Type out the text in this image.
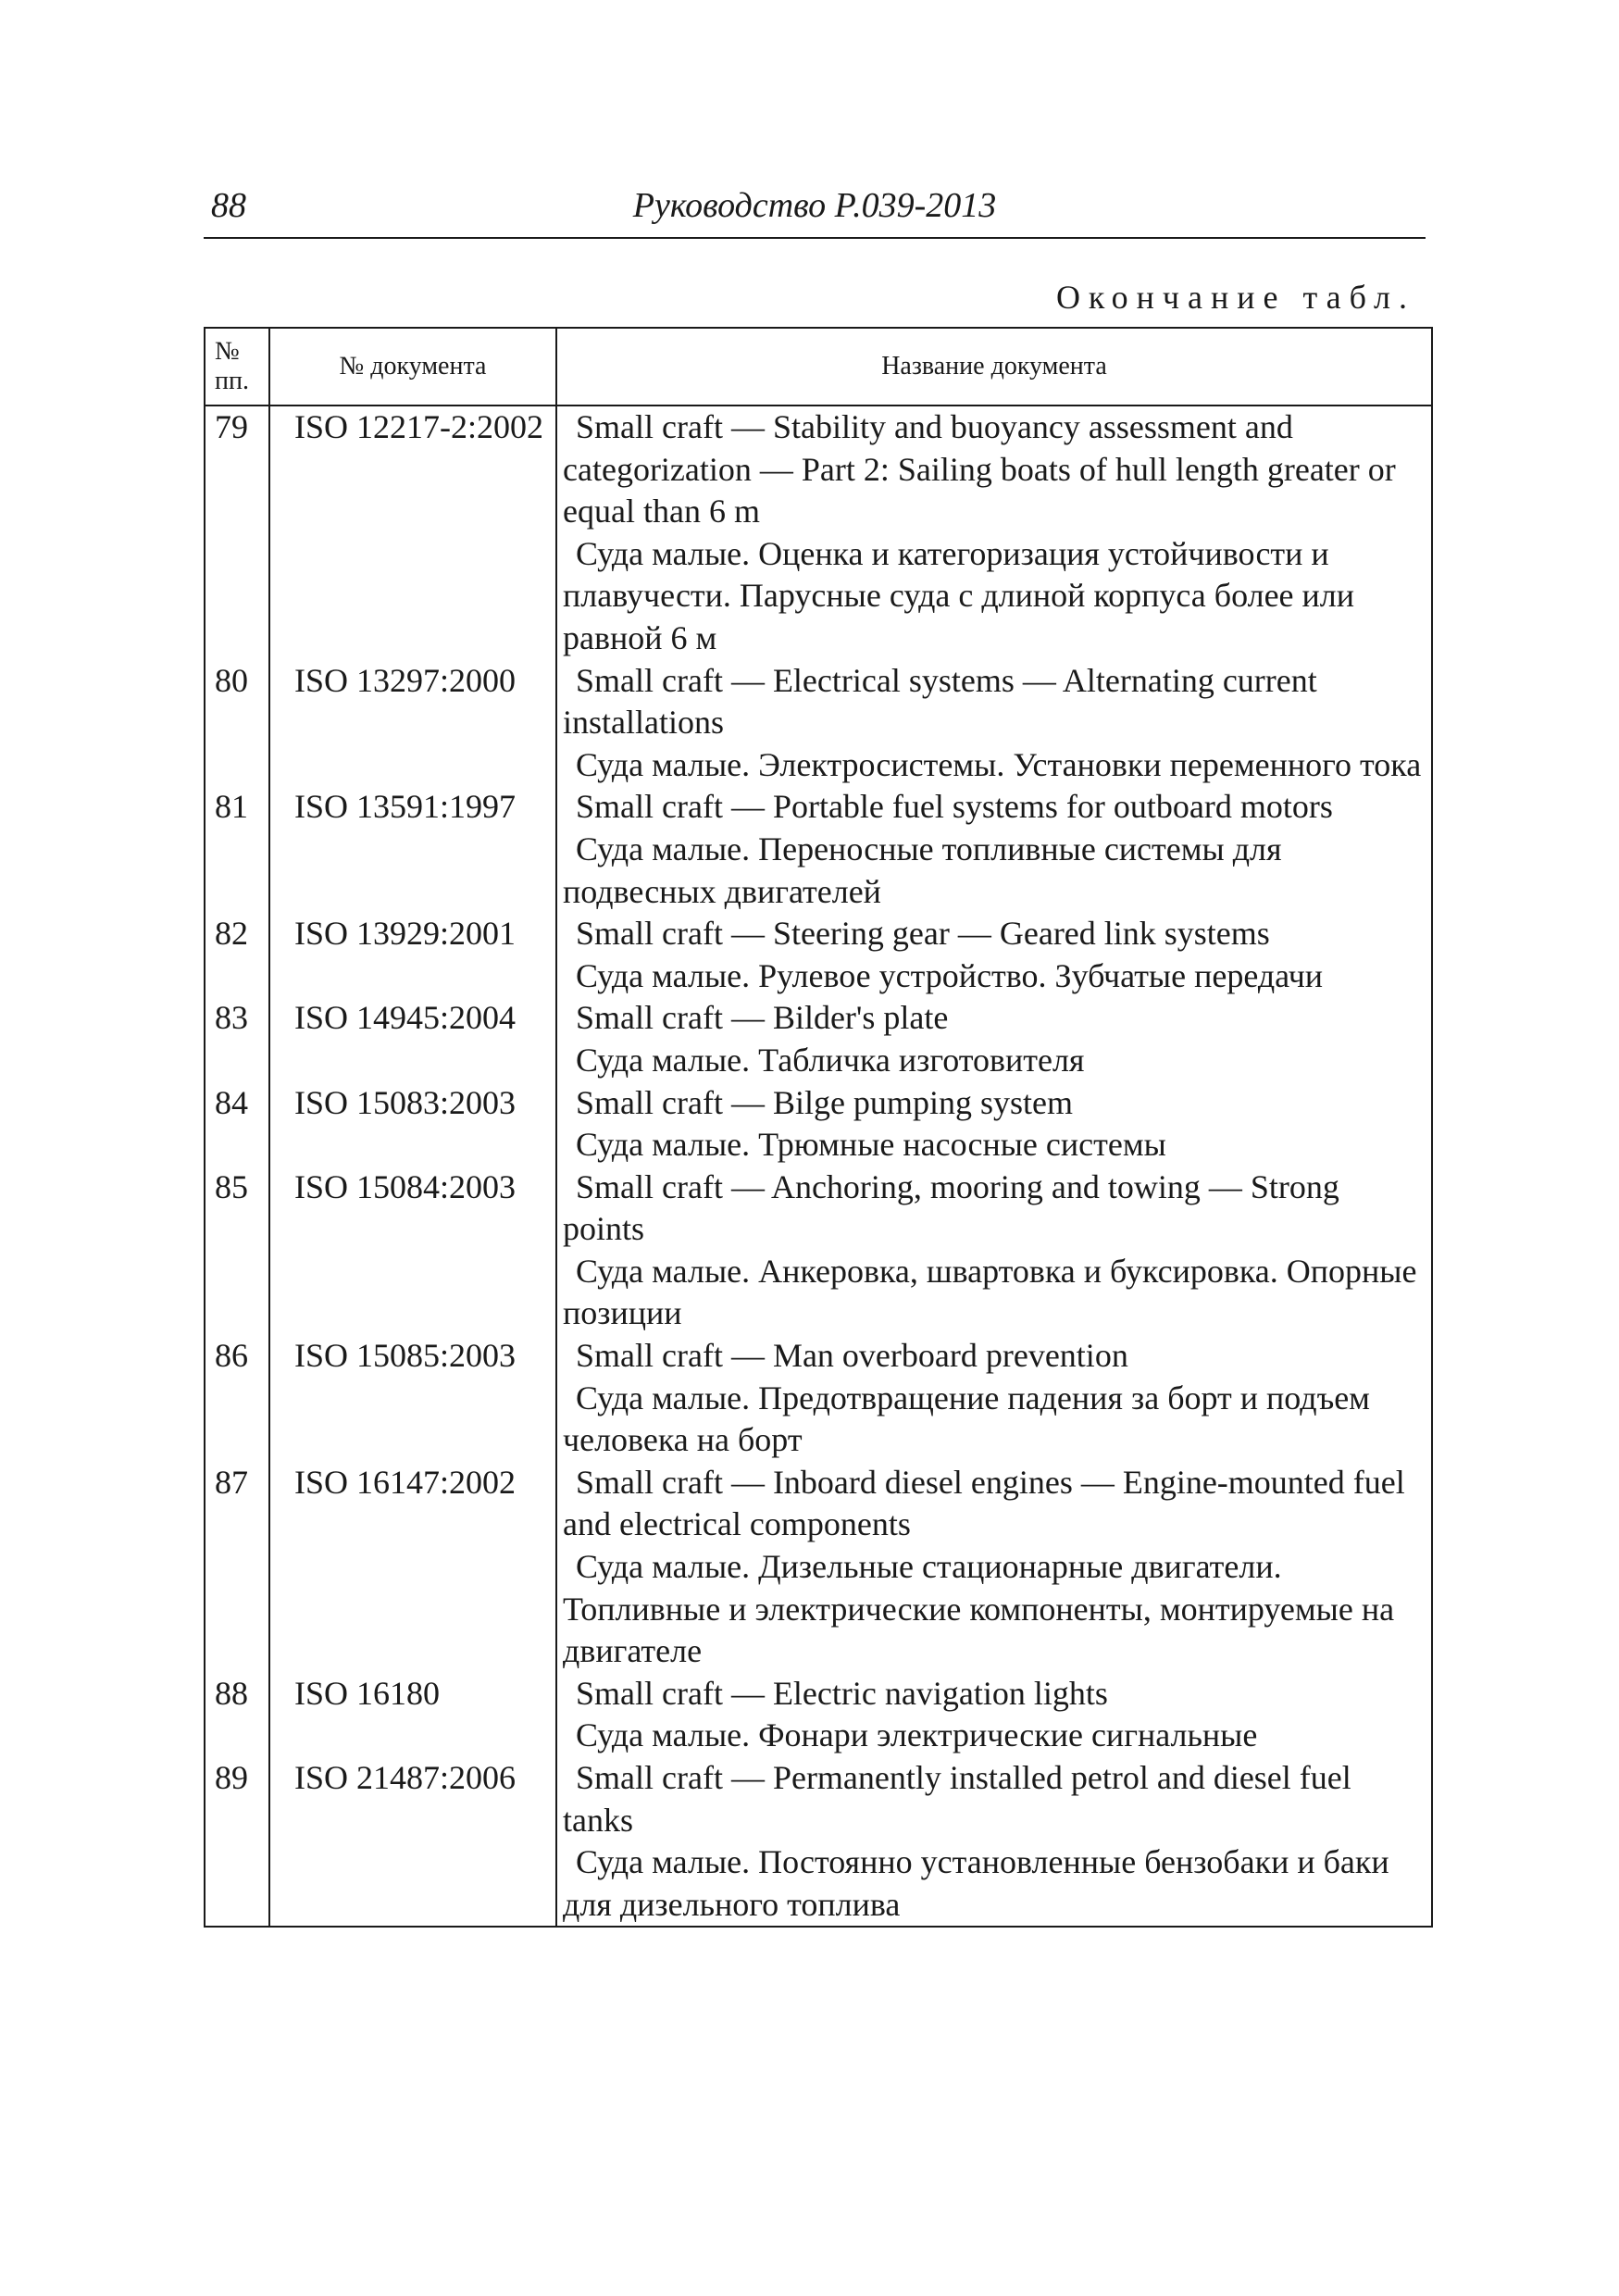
88	Руководство Р.039-2013
Окончание табл.
№
пп.	№ документа	Название документа
79	ISO 12217-2:2002	Small craft — Stability and buoyancy assessment and categorization — Part 2: Sailing boats of hull length greater or equal than 6 m
Суда малые. Оценка и категоризация устойчивости и плавучести. Парусные суда с длиной корпуса более или равной 6 м

80	ISO 13297:2000	Small craft — Electrical systems — Alternating current installations
Суда малые. Электросистемы. Установки переменного тока

81	ISO 13591:1997	Small craft — Portable fuel systems for outboard motors
Суда малые. Переносные топливные системы для подвесных двигателей

82	ISO 13929:2001	Small craft — Steering gear — Geared link systems
Суда малые. Рулевое устройство. Зубчатые передачи

83	ISO 14945:2004	Small craft — Bilder's plate
Суда малые. Табличка изготовителя

84	ISO 15083:2003	Small craft — Bilge pumping system
Суда малые. Трюмные насосные системы

85	ISO 15084:2003	Small craft — Anchoring, mooring and towing — Strong points
Суда малые. Анкеровка, швартовка и буксировка. Опорные позиции

86	ISO 15085:2003	Small craft — Man overboard prevention
Суда малые. Предотвращение падения за борт и подъем человека на борт

87	ISO 16147:2002	Small craft — Inboard diesel engines — Engine-mounted fuel and electrical components
Суда малые. Дизельные стационарные двигатели. Топливные и электрические компоненты, монтируемые на двигателе

88	ISO 16180	Small craft — Electric navigation lights
Суда малые. Фонари электрические сигнальные

89	ISO 21487:2006	Small craft — Permanently installed petrol and diesel fuel tanks
Суда малые. Постоянно установленные бензобаки и баки для дизельного топлива
